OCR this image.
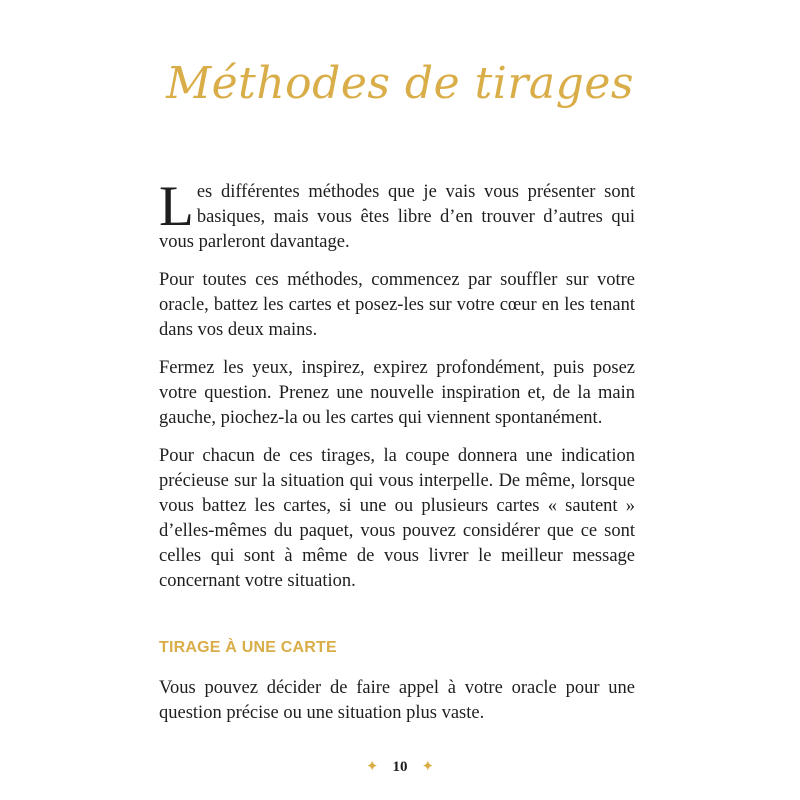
Méthodes de tirages

Les différentes méthodes que je vais vous présenter sont basiques, mais vous êtes libre d’en trouver d’autres qui vous parleront davantage.

Pour toutes ces méthodes, commencez par souffler sur votre oracle, battez les cartes et posez-les sur votre cœur en les tenant dans vos deux mains.

Fermez les yeux, inspirez, expirez profondément, puis posez votre question. Prenez une nouvelle inspiration et, de la main gauche, piochez-la ou les cartes qui viennent spontanément.

Pour chacun de ces tirages, la coupe donnera une indication précieuse sur la situation qui vous interpelle. De même, lorsque vous battez les cartes, si une ou plusieurs cartes « sautent » d’elles-mêmes du paquet, vous pouvez considérer que ce sont celles qui sont à même de vous livrer le meilleur message concernant votre situation.

TIRAGE À UNE CARTE

Vous pouvez décider de faire appel à votre oracle pour une question précise ou une situation plus vaste.

✦ 10 ✦
